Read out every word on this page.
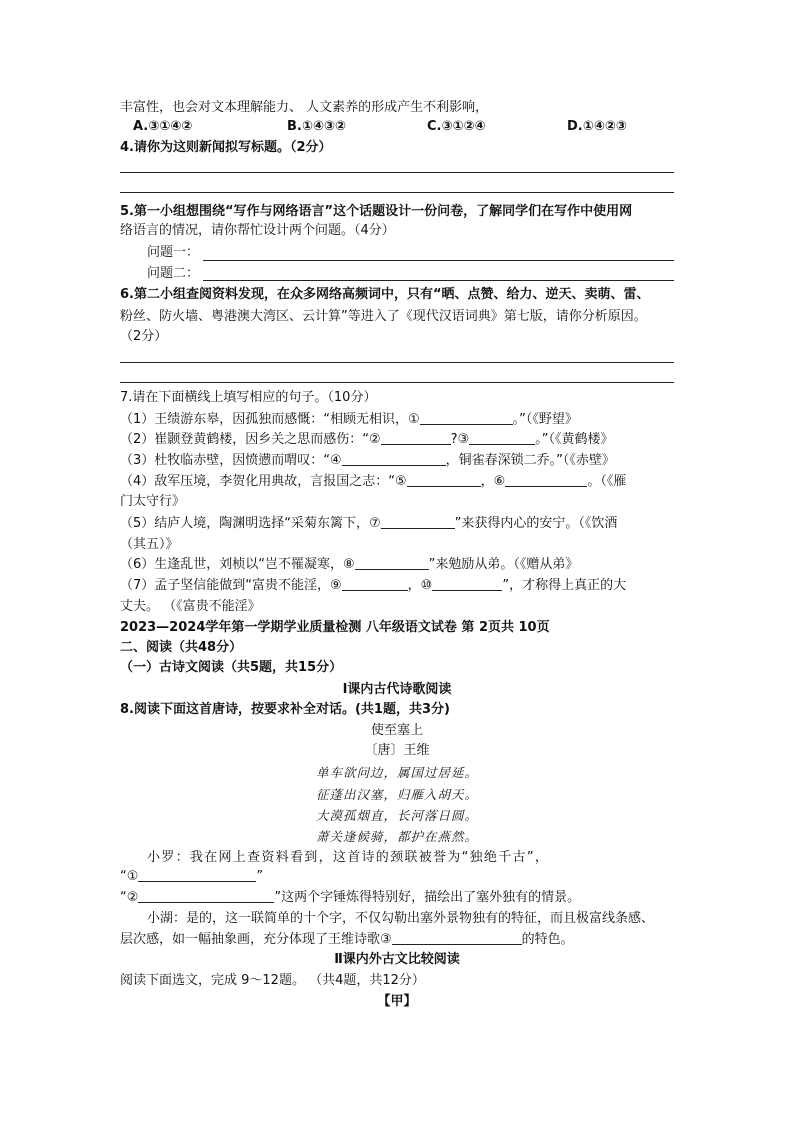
丰富性，也会对文本理解能力、 人文素养的形成产生不利影响，
A.③①④②	B.①④③②	C.③①②④	D.①④②③
4.请你为这则新闻拟写标题。（2分）
5.第一小组想围绕“写作与网络语言”这个话题设计一份问卷，了解同学们在写作中使用网
络语言的情况，请你帮忙设计两个问题。（4分）
问题一：
问题二：
6.第二小组查阅资料发现，在众多网络高频词中，只有“晒、点赞、给力、逆天、卖萌、雷、
粉丝、防火墙、粤港澳大湾区、云计算”等进入了《现代汉语词典》第七版，请你分析原因。
（2分）
7.请在下面横线上填写相应的句子。（10分）
（1）王绩游东皋，因孤独而感慨：“相顾无相识，①	。”（《野望》
（2）崔颢登黄鹤楼，因乡关之思而感伤：“②	?③	。”（《黄鹤楼》
（3）杜牧临赤壁，因愤懑而喟叹：“④	，铜雀春深锁二乔。”（《赤壁》
（4）敌军压境，李贺化用典故，言报国之志：“⑤	，⑥	。（《雁
门太守行》
（5）结庐人境，陶渊明选择“采菊东篱下，⑦	”来获得内心的安宁。（《饮酒
（其五）》
（6）生逢乱世，刘桢以“岂不罹凝寒，⑧	”来勉励从弟。（《赠从弟》
（7）孟子坚信能做到“富贵不能淫，⑨	，⑩	”，才称得上真正的大
丈夫。 （《富贵不能淫》
2023—2024学年第一学期学业质量检测 八年级语文试卷 第 2页共 10页
二、阅读（共48分）
（一）古诗文阅读（共5题，共15分）
Ⅰ课内古代诗歌阅读
8.阅读下面这首唐诗，按要求补全对话。(共1题，共3分)
使至塞上
〔唐〕王维
单车欲问边，属国过居延。
征蓬出汉塞，归雁入胡天。
大漠孤烟直，长河落日圆。
萧关逢候骑，都护在燕然。
小罗：我在网上查资料看到，这首诗的颈联被誉为“独绝千古”，
“①	”
“②	”这两个字锤炼得特别好，描绘出了塞外独有的情景。
小湖：是的，这一联简单的十个字，不仅勾勒出塞外景物独有的特征，而且极富线条感、
层次感，如一幅抽象画，充分体现了王维诗歌③	的特色。
Ⅱ课内外古文比较阅读
阅读下面选文，完成 9～12题。 （共4题，共12分）
【甲】
